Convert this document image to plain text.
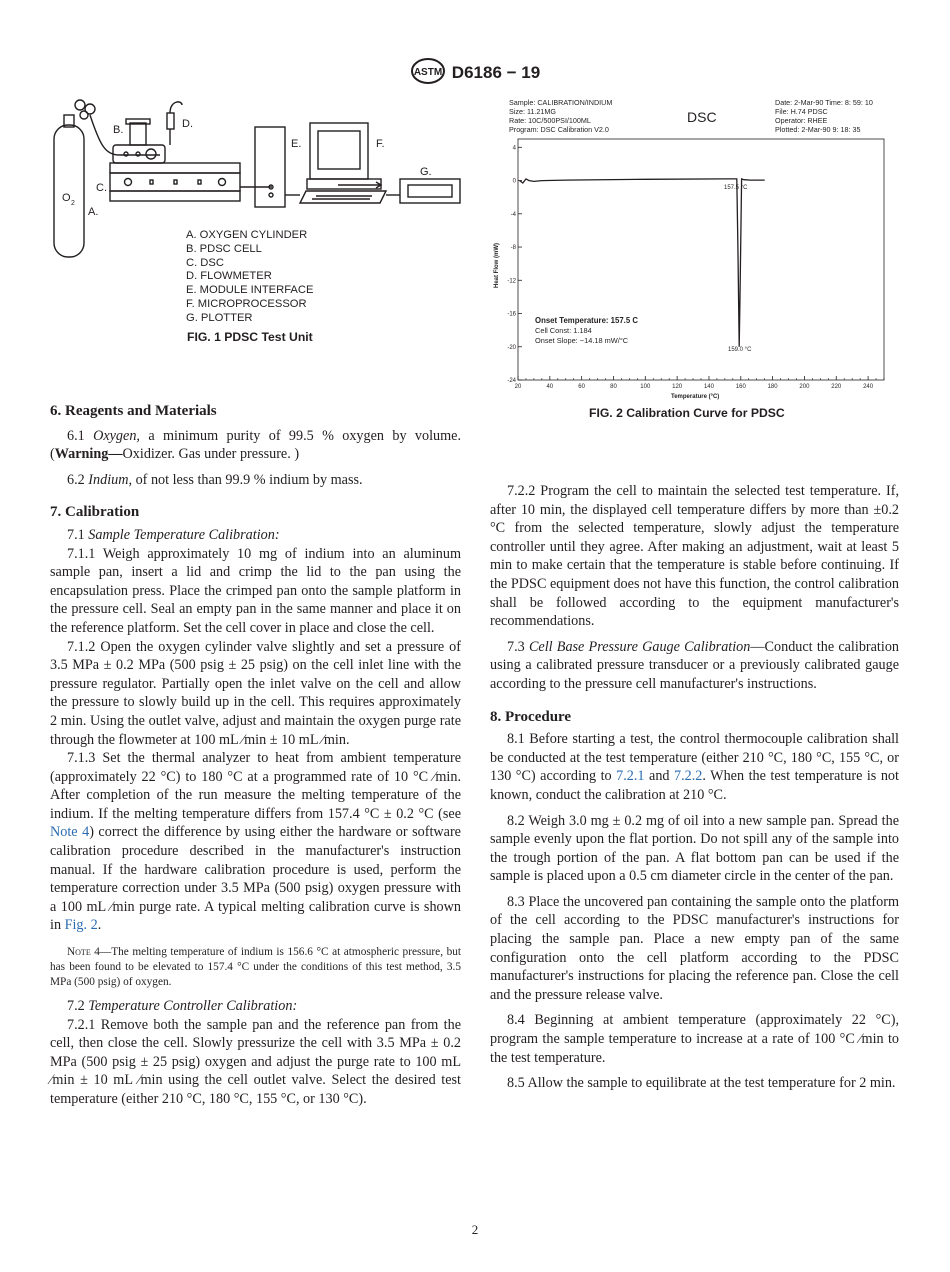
ASTM D6186 − 19
A.
B.
C.
D.
E.	F.
G.
O 2
A. OXYGEN CYLINDER
B. PDSC CELL
C. DSC
D. FLOWMETER
E. MODULE INTERFACE
F. MICROPROCESSOR
G. PLOTTER
FIG. 1 PDSC Test Unit
Sample: CALIBRATION/INDIUM
Size: 11.21MG
Rate: 10C/500PSI/100ML
Program: DSC Calibration V2.0
DSC
Date: 2-Mar-90 Time: 8: 59: 10
File: H.74 PDSC
Operator: RHEE
Plotted: 2-Mar-90 9: 18: 35
20	40	60	80	100	120	140	160	180	200	220	240
4
0
-4
-8
-12
-16
-20
-24
157.5 °C
159.0 °C
Onset Temperature: 157.5 C
Cell Const: 1.184
Onset Slope: −14.18 mW/°C
Temperature (°C)
Heat Flow (mW)
FIG. 2 Calibration Curve for PDSC
6. Reagents and Materials

6.1 Oxygen, a minimum purity of 99.5 % oxygen by volume. (Warning—Oxidizer. Gas under pressure. )

6.2 Indium, of not less than 99.9 % indium by mass.

7. Calibration

7.1 Sample Temperature Calibration:

7.1.1 Weigh approximately 10 mg of indium into an aluminum sample pan, insert a lid and crimp the lid to the pan using the encapsulation press. Place the crimped pan onto the sample platform in the pressure cell. Seal an empty pan in the same manner and place it on the reference platform. Set the cell cover in place and close the cell.

7.1.2 Open the oxygen cylinder valve slightly and set a pressure of 3.5 MPa ± 0.2 MPa (500 psig ± 25 psig) on the cell inlet line with the pressure regulator. Partially open the inlet valve on the cell and allow the pressure to slowly build up in the cell. This requires approximately 2 min. Using the outlet valve, adjust and maintain the oxygen purge rate through the flowmeter at 100 mL ⁄min ± 10 mL ⁄min.

7.1.3 Set the thermal analyzer to heat from ambient temperature (approximately 22 °C) to 180 °C at a programmed rate of 10 °C ⁄min. After completion of the run measure the melting temperature of the indium. If the melting temperature differs from 157.4 °C ± 0.2 °C (see Note 4) correct the difference by using either the hardware or software calibration procedure described in the manufacturer's instruction manual. If the hardware calibration procedure is used, perform the temperature correction under 3.5 MPa (500 psig) oxygen pressure with a 100 mL ⁄min purge rate. A typical melting calibration curve is shown in Fig. 2.

Note 4—The melting temperature of indium is 156.6 °C at atmospheric pressure, but has been found to be elevated to 157.4 °C under the conditions of this test method, 3.5 MPa (500 psig) of oxygen.

7.2 Temperature Controller Calibration:

7.2.1 Remove both the sample pan and the reference pan from the cell, then close the cell. Slowly pressurize the cell with 3.5 MPa ± 0.2 MPa (500 psig ± 25 psig) oxygen and adjust the purge rate to 100 mL ⁄min ± 10 mL ⁄min using the cell outlet valve. Select the desired test temperature (either 210 °C, 180 °C, 155 °C, or 130 °C).

7.2.2 Program the cell to maintain the selected test temperature. If, after 10 min, the displayed cell temperature differs by more than ±0.2 °C from the selected temperature, slowly adjust the temperature controller until they agree. After making an adjustment, wait at least 5 min to make certain that the temperature is stable before continuing. If the PDSC equipment does not have this function, the control calibration shall be followed according to the equipment manufacturer's recommendations.

7.3 Cell Base Pressure Gauge Calibration—Conduct the calibration using a calibrated pressure transducer or a previously calibrated gauge according to the pressure cell manufacturer's instructions.

8. Procedure

8.1 Before starting a test, the control thermocouple calibration shall be conducted at the test temperature (either 210 °C, 180 °C, 155 °C, or 130 °C) according to 7.2.1 and 7.2.2. When the test temperature is not known, conduct the calibration at 210 °C.

8.2 Weigh 3.0 mg ± 0.2 mg of oil into a new sample pan. Spread the sample evenly upon the flat portion. Do not spill any of the sample into the trough portion of the pan. A flat bottom pan can be used if the sample is placed upon a 0.5 cm diameter circle in the center of the pan.

8.3 Place the uncovered pan containing the sample onto the platform of the cell according to the PDSC manufacturer's instructions for placing the sample pan. Place a new empty pan of the same configuration onto the cell platform according to the PDSC manufacturer's instructions for placing the reference pan. Close the cell and the pressure release valve.

8.4 Beginning at ambient temperature (approximately 22 °C), program the sample temperature to increase at a rate of 100 °C ⁄min to the test temperature.

8.5 Allow the sample to equilibrate at the test temperature for 2 min.

2
